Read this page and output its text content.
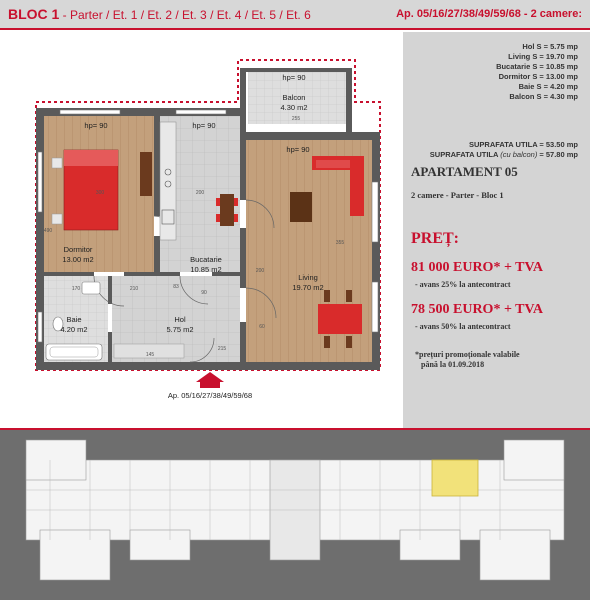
BLOC 1 - Parter / Et. 1 / Et. 2 / Et. 3 / Et. 4 / Et. 5 / Et. 6	Ap. 05/16/27/38/49/59/68 - 2 camere:
hp= 90
Balcon
4.30 m2
hp= 90
Dormitor
13.00 m2
hp= 90
Bucatarie
10.85 m2
hp= 90
Living
19.70 m2
Baie
4.20 m2
Hol
5.75 m2
300	200
355
255
170	210
90
83
145
215
200
490
60
Ap. 05/16/27/38/49/59/68
Hol S = 5.75 mp
Living S = 19.70 mp
Bucatarie S = 10.85 mp
Dormitor S = 13.00 mp
Baie S = 4.20 mp
Balcon S = 4.30 mp
SUPRAFATA UTILA = 53.50 mp
SUPRAFATA UTILA (cu balcon) = 57.80 mp
APARTAMENT 05
2 camere - Parter - Bloc 1
PREȚ:
81 000 EURO* + TVA
- avans 25% la antecontract
78 500 EURO* + TVA
- avans 50% la antecontract
*prețuri promoționale valabile
până la 01.09.2018
